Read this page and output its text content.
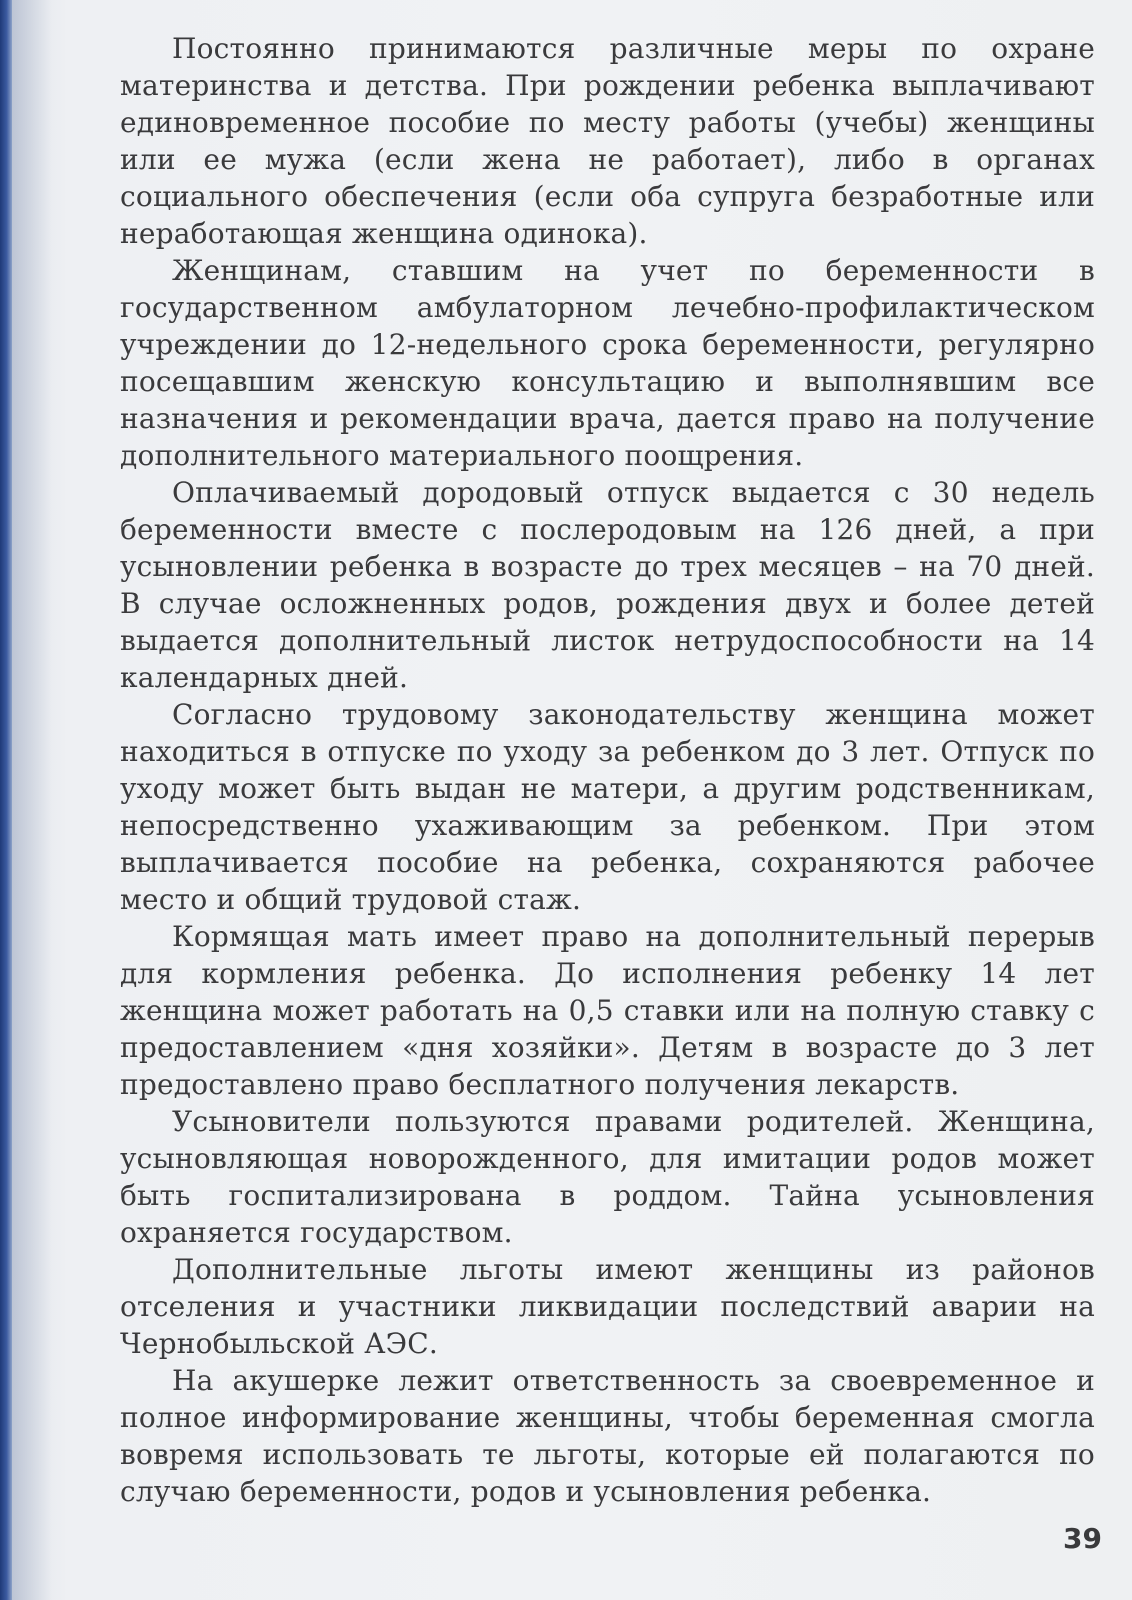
Постоянно принимаются различные меры по охране материнства и детства. При рождении ребенка выплачивают единовременное пособие по месту работы (учебы) женщины или ее мужа (если жена не работает), либо в органах социального обеспечения (если оба супруга безработные или неработающая женщина одинока).

Женщинам, ставшим на учет по беременности в государственном амбулаторном лечебно-профилактическом учреждении до 12-недельного срока беременности, регулярно посещавшим женскую консультацию и выполнявшим все назначения и рекомендации врача, дается право на получение дополнительного материального поощрения.

Оплачиваемый дородовый отпуск выдается с 30 недель беременности вместе с послеродовым на 126 дней, а при усыновлении ребенка в возрасте до трех месяцев – на 70 дней. В случае осложненных родов, рождения двух и более детей выдается дополнительный листок нетрудоспособности на 14 календарных дней.

Согласно трудовому законодательству женщина может находиться в отпуске по уходу за ребенком до 3 лет. Отпуск по уходу может быть выдан не матери, а другим родственникам, непосредственно ухаживающим за ребенком. При этом выплачивается пособие на ребенка, сохраняются рабочее место и общий трудовой стаж.

Кормящая мать имеет право на дополнительный перерыв для кормления ребенка. До исполнения ребенку 14 лет женщина может работать на 0,5 ставки или на полную ставку с предоставлением «дня хозяйки». Детям в возрасте до 3 лет предоставлено право бесплатного получения лекарств.

Усыновители пользуются правами родителей. Женщина, усыновляющая новорожденного, для имитации родов может быть госпитализирована в роддом. Тайна усыновления охраняется государством.

Дополнительные льготы имеют женщины из районов отселения и участники ликвидации последствий аварии на Чернобыльской АЭС.

На акушерке лежит ответственность за своевременное и полное информирование женщины, чтобы беременная смогла вовремя использовать те льготы, которые ей полагаются по случаю беременности, родов и усыновления ребенка.

39
